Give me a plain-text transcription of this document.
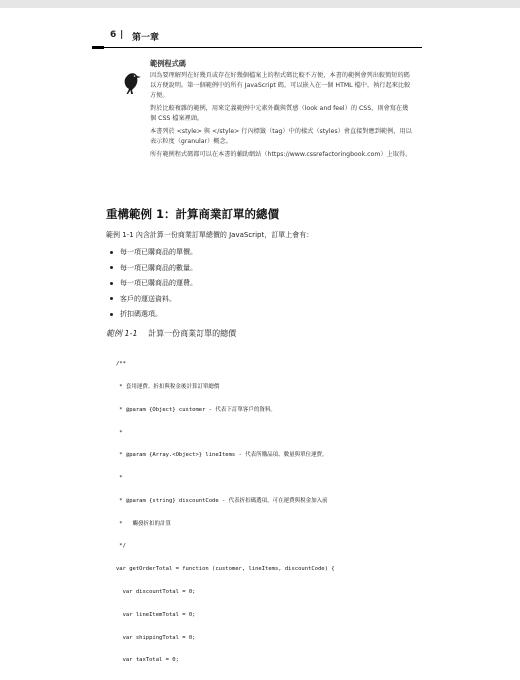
6 | 第一章
範例程式碼

因為要理解列在好幾頁或存在好幾個檔案上的程式碼比較不方便，本書的範例會列出較簡短的碼以方便說明。第一個範例中的所有 JavaScript 碼，可以嵌入在一個 HTML 檔中，執行起來比較方便。

對於比較複雜的範例，用來定義範例中元素外觀與質感（look and feel）的 CSS，則會寫在幾個 CSS 檔案裡頭。

本書列於 <style> 與 </style> 行內標籤（tag）中的樣式（styles）會直接對應到範例，用以表示粒度（granular）概念。

所有範例程式碼都可以在本書的輔助網站（https://www.cssrefactoringbook.com）上取得。

重構範例 1：計算商業訂單的總價
範例 1-1 內含計算一份商業訂單總價的 JavaScript，訂單上會有：
每一項已購商品的單價。
每一項已購商品的數量。
每一項已購商品的運費。
客戶的運送資料。
折扣碼選項。
範例 1-1 計算一份商業訂單的總價

/**

* 套用運費、折扣與稅金後計算訂單總價

* @param {Object} customer - 代表下訂單客戶的資料。

*

* @param {Array.<Object>} lineItems - 代表所購品項、數量與單位運費。

*

* @param {string} discountCode - 代表折扣碼選項，可在運費與稅金加入前

*   觸發折扣的計算

*/

var getOrderTotal = function (customer, lineItems, discountCode) {

var discountTotal = 0;

var lineItemTotal = 0;

var shippingTotal = 0;

var taxTotal = 0;
